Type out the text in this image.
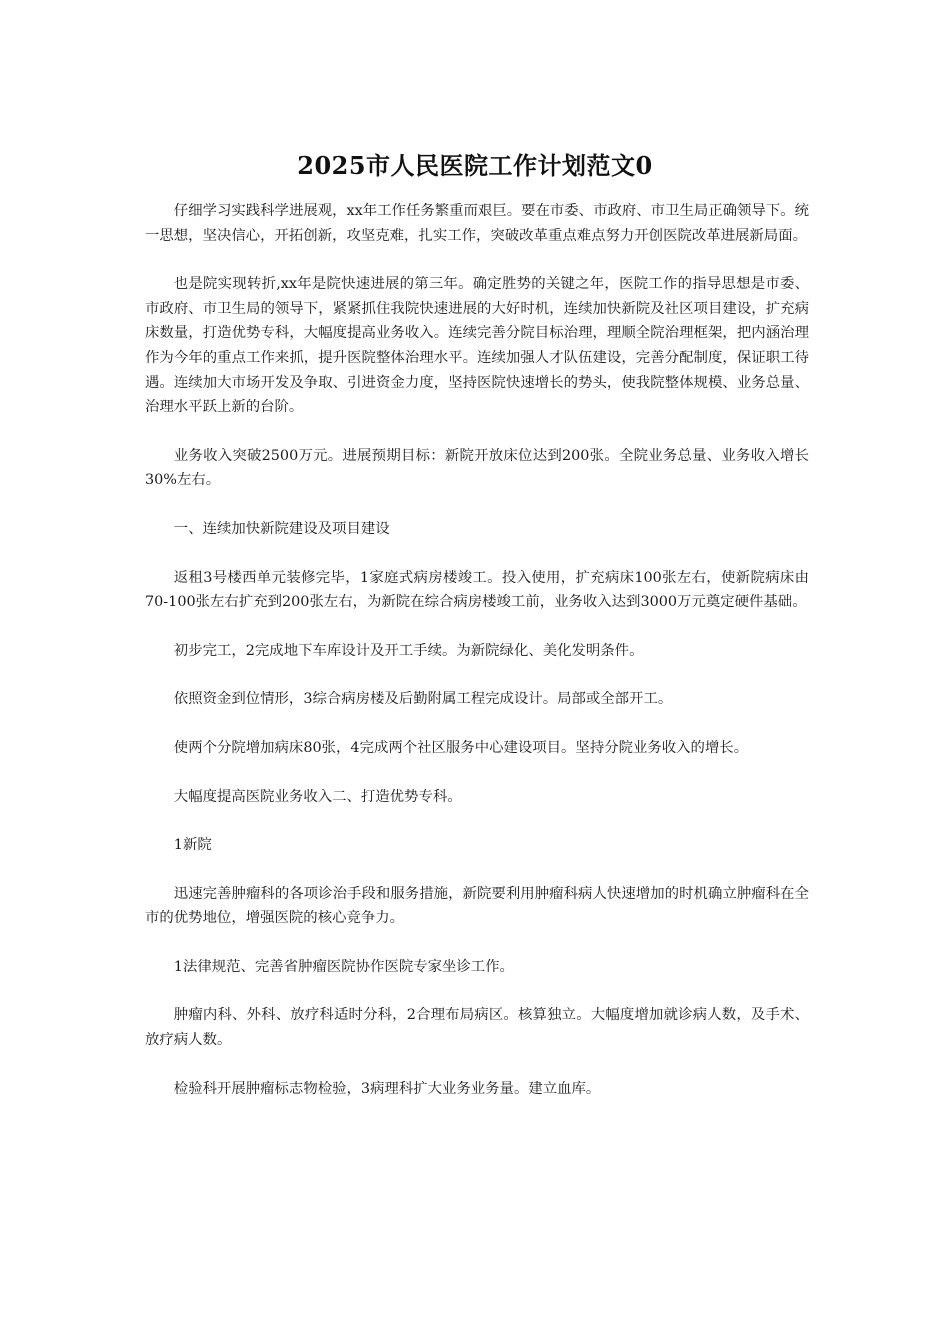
2025市人民医院工作计划范文0

仔细学习实践科学进展观，xx年工作任务繁重而艰巨。要在市委、市政府、市卫生局正确领导下。统一思想，坚决信心，开拓创新，攻坚克难，扎实工作，突破改革重点难点努力开创医院改革进展新局面。

也是院实现转折,xx年是院快速进展的第三年。确定胜势的关键之年，医院工作的指导思想是市委、市政府、市卫生局的领导下，紧紧抓住我院快速进展的大好时机，连续加快新院及社区项目建设，扩充病床数量，打造优势专科，大幅度提高业务收入。连续完善分院目标治理，理顺全院治理框架，把内涵治理作为今年的重点工作来抓，提升医院整体治理水平。连续加强人才队伍建设，完善分配制度，保证职工待遇。连续加大市场开发及争取、引进资金力度，坚持医院快速增长的势头，使我院整体规模、业务总量、治理水平跃上新的台阶。

业务收入突破2500万元。进展预期目标：新院开放床位达到200张。全院业务总量、业务收入增长30%左右。

一、连续加快新院建设及项目建设

返租3号楼西单元装修完毕，1家庭式病房楼竣工。投入使用，扩充病床100张左右，使新院病床由70-100张左右扩充到200张左右，为新院在综合病房楼竣工前，业务收入达到3000万元奠定硬件基础。

初步完工，2完成地下车库设计及开工手续。为新院绿化、美化发明条件。

依照资金到位情形，3综合病房楼及后勤附属工程完成设计。局部或全部开工。

使两个分院增加病床80张，4完成两个社区服务中心建设项目。坚持分院业务收入的增长。

大幅度提高医院业务收入二、打造优势专科。

1新院

迅速完善肿瘤科的各项诊治手段和服务措施，新院要利用肿瘤科病人快速增加的时机确立肿瘤科在全市的优势地位，增强医院的核心竞争力。

1法律规范、完善省肿瘤医院协作医院专家坐诊工作。

肿瘤内科、外科、放疗科适时分科，2合理布局病区。核算独立。大幅度增加就诊病人数，及手术、放疗病人数。

检验科开展肿瘤标志物检验，3病理科扩大业务业务量。建立血库。
